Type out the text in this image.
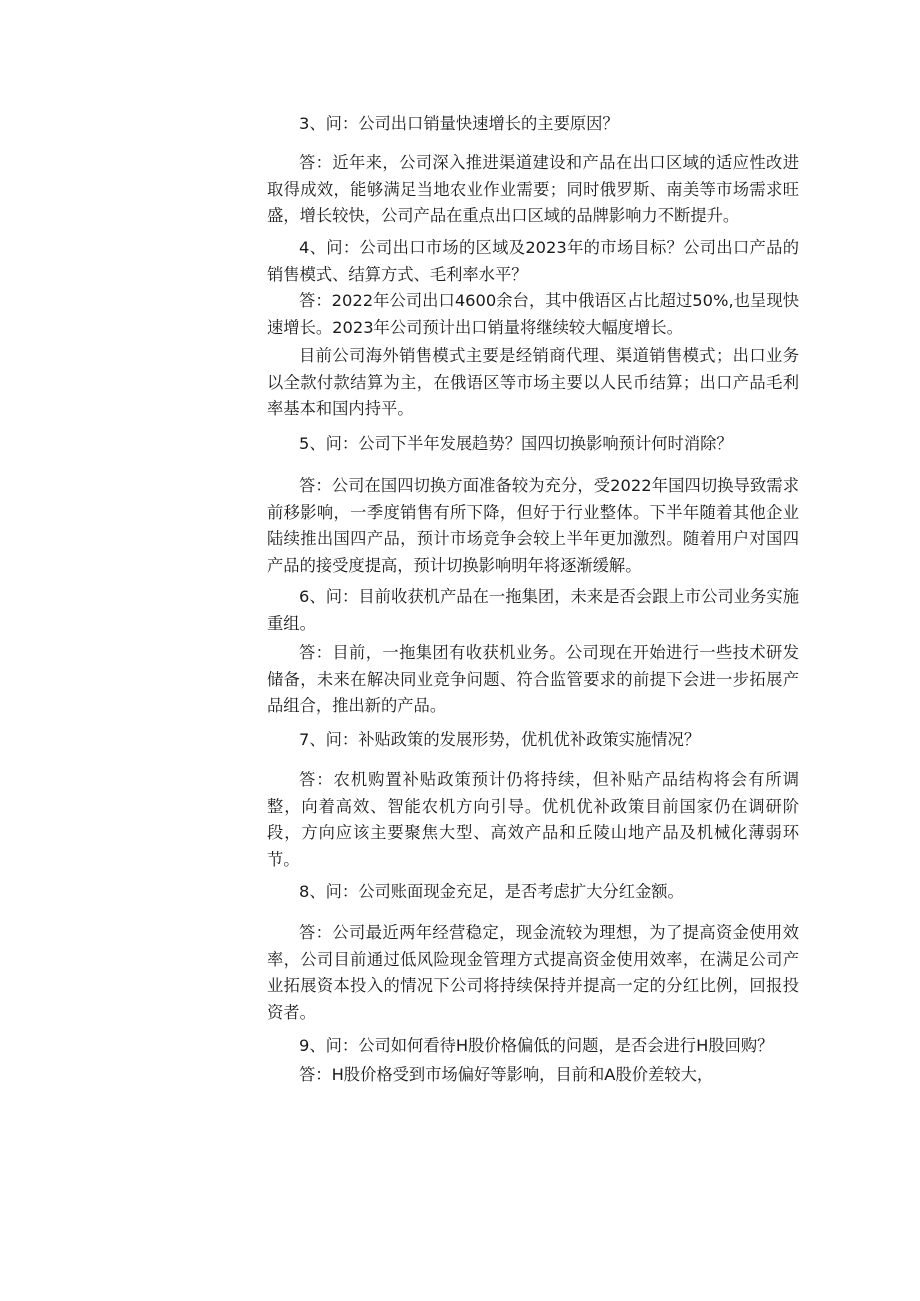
3、问：公司出口销量快速增长的主要原因？

答：近年来，公司深入推进渠道建设和产品在出口区域的适应性改进取得成效，能够满足当地农业作业需要；同时俄罗斯、南美等市场需求旺盛，增长较快，公司产品在重点出口区域的品牌影响力不断提升。

4、问：公司出口市场的区域及2023年的市场目标？公司出口产品的销售模式、结算方式、毛利率水平？

答：2022年公司出口4600余台，其中俄语区占比超过50%,也呈现快速增长。2023年公司预计出口销量将继续较大幅度增长。

目前公司海外销售模式主要是经销商代理、渠道销售模式；出口业务以全款付款结算为主，在俄语区等市场主要以人民币结算；出口产品毛利率基本和国内持平。

5、问：公司下半年发展趋势？国四切换影响预计何时消除？

答：公司在国四切换方面准备较为充分，受2022年国四切换导致需求前移影响，一季度销售有所下降，但好于行业整体。下半年随着其他企业陆续推出国四产品，预计市场竞争会较上半年更加激烈。随着用户对国四产品的接受度提高，预计切换影响明年将逐渐缓解。

6、问：目前收获机产品在一拖集团，未来是否会跟上市公司业务实施重组。

答：目前，一拖集团有收获机业务。公司现在开始进行一些技术研发储备，未来在解决同业竞争问题、符合监管要求的前提下会进一步拓展产品组合，推出新的产品。

7、问：补贴政策的发展形势，优机优补政策实施情况？

答：农机购置补贴政策预计仍将持续，但补贴产品结构将会有所调整，向着高效、智能农机方向引导。优机优补政策目前国家仍在调研阶段，方向应该主要聚焦大型、高效产品和丘陵山地产品及机械化薄弱环节。

8、问：公司账面现金充足，是否考虑扩大分红金额。

答：公司最近两年经营稳定，现金流较为理想，为了提高资金使用效率，公司目前通过低风险现金管理方式提高资金使用效率，在满足公司产业拓展资本投入的情况下公司将持续保持并提高一定的分红比例，回报投资者。

9、问：公司如何看待H股价格偏低的问题，是否会进行H股回购？

答：H股价格受到市场偏好等影响，目前和A股价差较大，
